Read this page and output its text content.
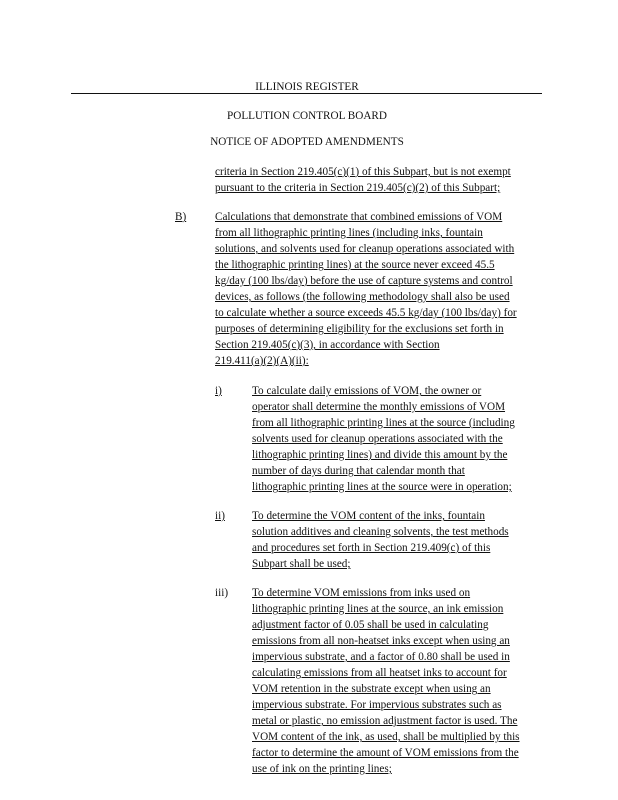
ILLINOIS REGISTER
POLLUTION CONTROL BOARD
NOTICE OF ADOPTED AMENDMENTS
criteria in Section 219.405(c)(1) of this Subpart, but is not exempt
pursuant to the criteria in Section 219.405(c)(2) of this Subpart;
B)	Calculations that demonstrate that combined emissions of VOM
from all lithographic printing lines (including inks, fountain
solutions, and solvents used for cleanup operations associated with
the lithographic printing lines) at the source never exceed 45.5
kg/day (100 lbs/day) before the use of capture systems and control
devices, as follows (the following methodology shall also be used
to calculate whether a source exceeds 45.5 kg/day (100 lbs/day) for
purposes of determining eligibility for the exclusions set forth in
Section 219.405(c)(3), in accordance with Section
219.411(a)(2)(A)(ii):
i)	To calculate daily emissions of VOM, the owner or
operator shall determine the monthly emissions of VOM
from all lithographic printing lines at the source (including
solvents used for cleanup operations associated with the
lithographic printing lines) and divide this amount by the
number of days during that calendar month that
lithographic printing lines at the source were in operation;
ii) To determine the VOM content of the inks, fountain
solution additives and cleaning solvents, the test methods
and procedures set forth in Section 219.409(c) of this
Subpart shall be used;
iii) To determine VOM emissions from inks used on
lithographic printing lines at the source, an ink emission
adjustment factor of 0.05 shall be used in calculating
emissions from all non-heatset inks except when using an
impervious substrate, and a factor of 0.80 shall be used in
calculating emissions from all heatset inks to account for
VOM retention in the substrate except when using an
impervious substrate. For impervious substrates such as
metal or plastic, no emission adjustment factor is used. The
VOM content of the ink, as used, shall be multiplied by this
factor to determine the amount of VOM emissions from the
use of ink on the printing lines;
